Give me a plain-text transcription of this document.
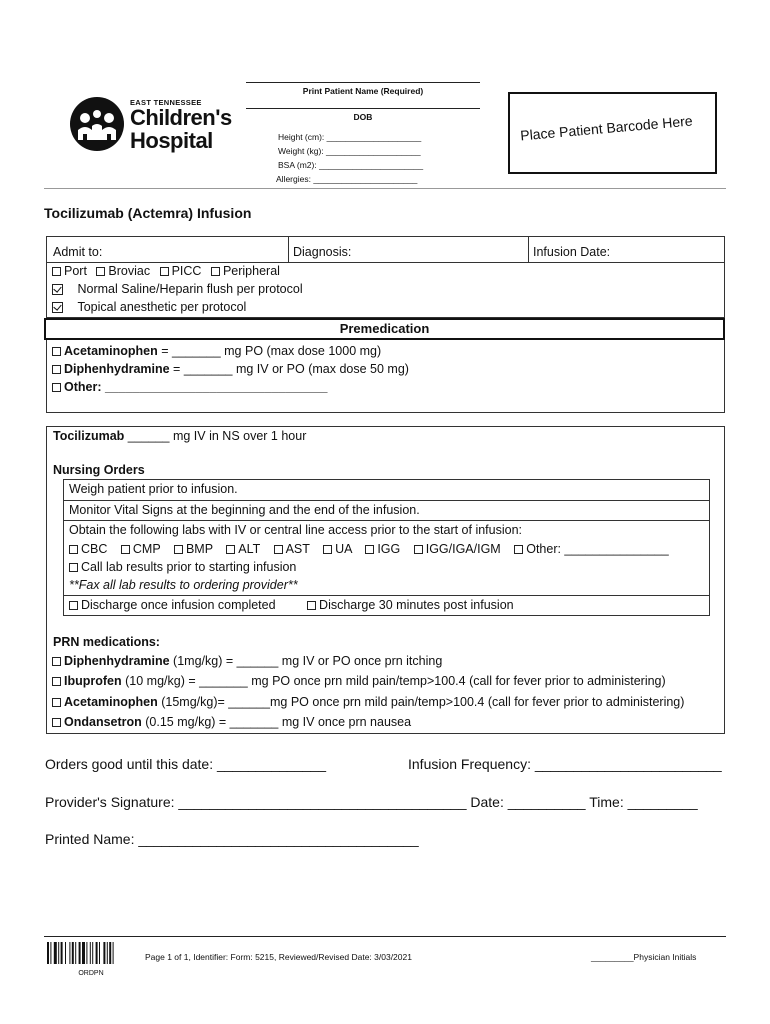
EAST TENNESSEE
Children's
Hospital
Print Patient Name (Required)
DOB
Height (cm): ____________________
Weight (kg): ____________________
BSA (m2): ______________________
Allergies: ______________________
Place Patient Barcode Here
Tocilizumab (Actemra) Infusion
Admit to:	Diagnosis:	Infusion Date:
Port Broviac PICC Peripheral
Normal Saline/Heparin flush per protocol
Topical anesthetic per protocol
Premedication
Acetaminophen = _______ mg PO (max dose 1000 mg)
Diphenhydramine = _______ mg IV or PO (max dose 50 mg)
Other: ________________________________
Tocilizumab ______ mg IV in NS over 1 hour
Nursing Orders
Weigh patient prior to infusion.
Monitor Vital Signs at the beginning and the end of the infusion.
Obtain the following labs with IV or central line access prior to the start of infusion:
CBC CMP BMP ALT AST UA IGG IGG/IGA/IGM Other: _______________
Call lab results prior to starting infusion
**Fax all lab results to ordering provider**
Discharge once infusion completed	Discharge 30 minutes post infusion
PRN medications:
Diphenhydramine (1mg/kg) = ______ mg IV or PO once prn itching
Ibuprofen (10 mg/kg) = _______ mg PO once prn mild pain/temp>100.4 (call for fever prior to administering)
Acetaminophen (15mg/kg)= ______mg PO once prn mild pain/temp>100.4 (call for fever prior to administering)
Ondansetron (0.15 mg/kg) = _______ mg IV once prn nausea
Orders good until this date: ______________	Infusion Frequency: ________________________
Provider's Signature: _____________________________________ Date: __________ Time: _________
Printed Name: ____________________________________
ORDPN
Page 1 of 1, Identifier: Form: 5215, Reviewed/Revised Date: 3/03/2021	_________Physician Initials
